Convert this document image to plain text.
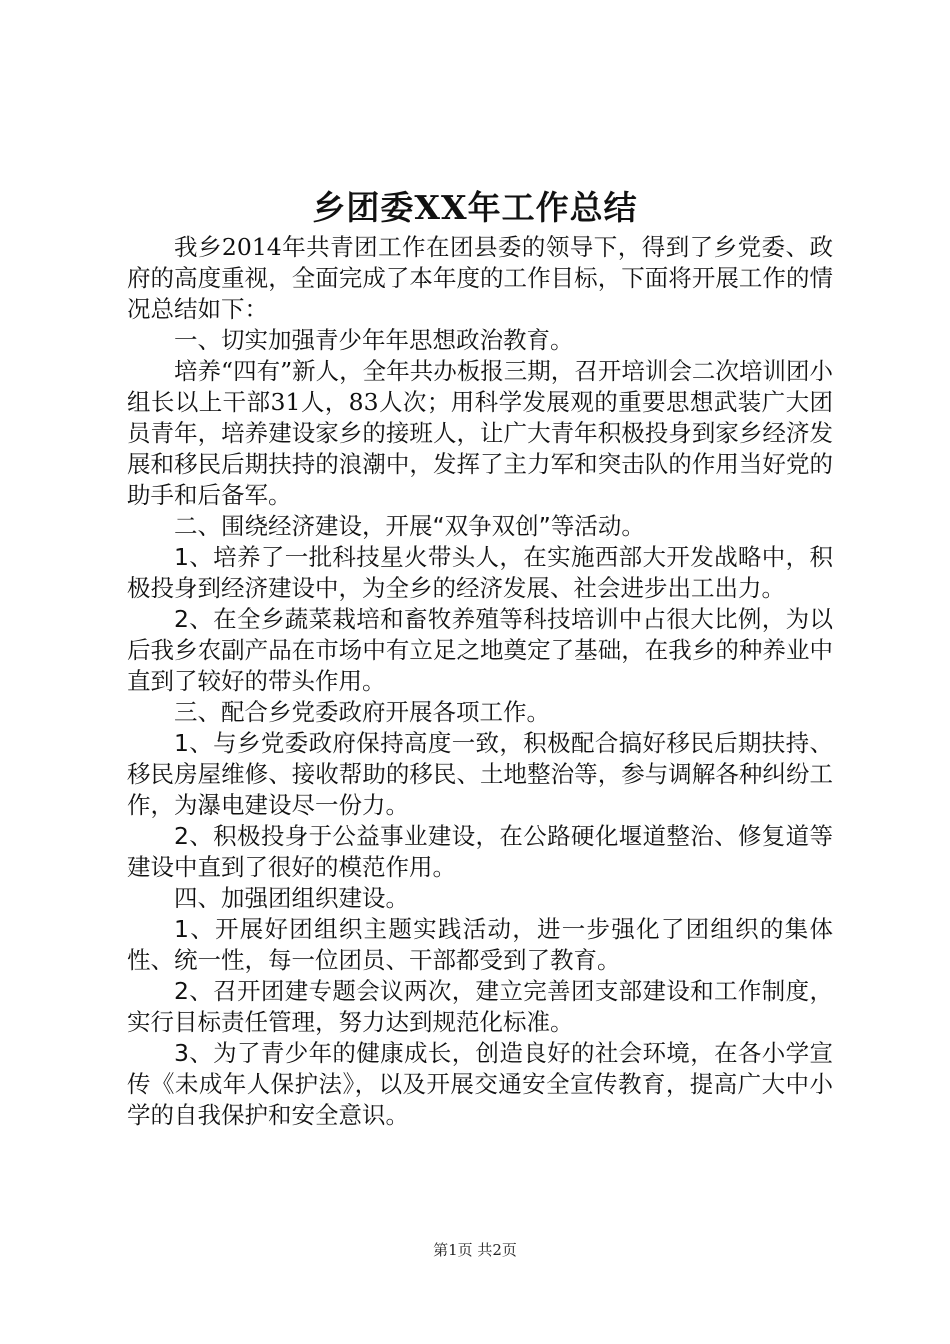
乡团委XX年工作总结

我乡2014年共青团工作在团县委的领导下，得到了乡党委、政府的高度重视，全面完成了本年度的工作目标，下面将开展工作的情况总结如下：

一、切实加强青少年年思想政治教育。

培养“四有”新人，全年共办板报三期，召开培训会二次培训团小组长以上干部31人，83人次；用科学发展观的重要思想武装广大团员青年，培养建设家乡的接班人，让广大青年积极投身到家乡经济发展和移民后期扶持的浪潮中，发挥了主力军和突击队的作用当好党的助手和后备军。

二、围绕经济建设，开展“双争双创”等活动。

1、培养了一批科技星火带头人，在实施西部大开发战略中，积极投身到经济建设中，为全乡的经济发展、社会进步出工出力。

2、在全乡蔬菜栽培和畜牧养殖等科技培训中占很大比例，为以后我乡农副产品在市场中有立足之地奠定了基础，在我乡的种养业中直到了较好的带头作用。

三、配合乡党委政府开展各项工作。

1、与乡党委政府保持高度一致，积极配合搞好移民后期扶持、移民房屋维修、接收帮助的移民、土地整治等，参与调解各种纠纷工作，为瀑电建设尽一份力。

2、积极投身于公益事业建设，在公路硬化堰道整治、修复道等建设中直到了很好的模范作用。

四、加强团组织建设。

1、开展好团组织主题实践活动，进一步强化了团组织的集体性、统一性，每一位团员、干部都受到了教育。

2、召开团建专题会议两次，建立完善团支部建设和工作制度，实行目标责任管理，努力达到规范化标准。

3、为了青少年的健康成长，创造良好的社会环境，在各小学宣传《未成年人保护法》，以及开展交通安全宣传教育，提高广大中小学的自我保护和安全意识。

第1页 共2页
